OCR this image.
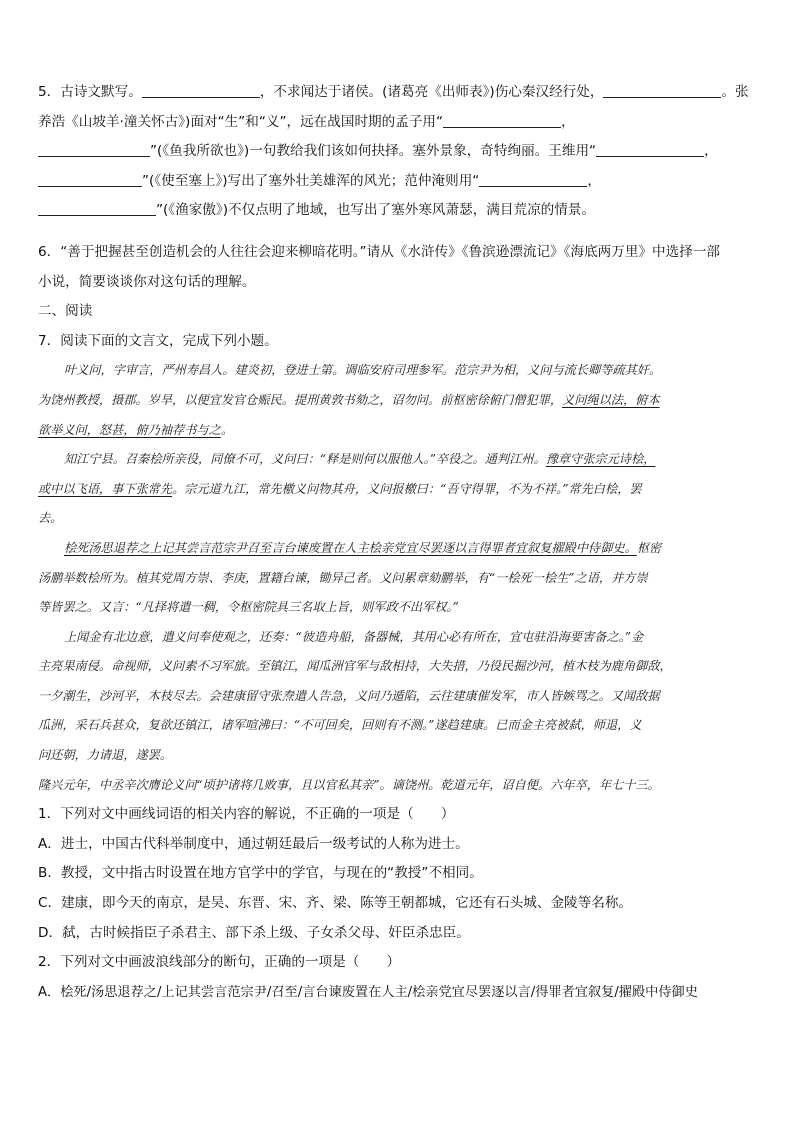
5．古诗文默写。	，不求闻达于诸侯。(诸葛亮《出师表》)伤心秦汉经行处，	。张
养浩《山坡羊·潼关怀古》)面对“生”和“义”，远在战国时期的孟子用“	，
”(《鱼我所欲也》)一句教给我们该如何抉择。塞外景象，奇特绚丽。王维用“	，
”(《使至塞上》)写出了塞外壮美雄浑的风光；范仲淹则用“	，
”(《渔家傲》)不仅点明了地域，也写出了塞外寒风萧瑟，满目荒凉的情景。
6．“善于把握甚至创造机会的人往往会迎来柳暗花明。”请从《水浒传》《鲁滨逊漂流记》《海底两万里》中选择一部
小说，简要谈谈你对这句话的理解。
二、阅读
7．阅读下面的文言文，完成下列小题。
叶义问，字审言，严州寿昌人。建炎初，登进士第。调临安府司理参军。范宗尹为相，义问与流长卿等疏其奸。
为饶州教授，摄郡。岁旱，以便宜发官仓赈民。提刑黄敦书劾之，诏勿问。前枢密徐俯门僧犯罪，义问绳以法，俯本
欲举义问，怒甚，俯乃袖荐书与之。
知江宁县。召秦桧所亲役，同僚不可，义问曰：“释是则何以服他人。”卒役之。通判江州。豫章守张宗元诗桧，
或中以飞语，事下张常先。宗元道九江，常先檄义问物其舟，义问报檄曰：“吾守得罪，不为不祥。”常先白桧，罢
去。
桧死汤思退荐之上记其尝言范宗尹召至言台谏废置在人主桧亲党宜尽罢逐以言得罪者宜叙复擢殿中侍御史。枢密
汤鹏举数桧所为。植其党周方崇、李庚，置籍台谏，锄异己者。义问累章劾鹏举，有“一桧死一桧生”之语，并方崇
等皆罢之。又言：“凡择将遣一稠，令枢密院具三名取上旨，则军政不出军权。”
上闻金有北边意，遣义问奉使观之，还奏：“彼造舟船，备器械，其用心必有所在，宜屯驻沿海要害备之。”金
主亮果南侵。命视师，义问素不习军旅。至镇江，闻瓜洲官军与敌相持，大失措，乃役民掘沙河，植木枝为鹿角御敌，
一夕潮生，沙河平，木枝尽去。会建康留守张焘遣人告急，义问乃遁陷，云往建康催发军，市人皆嫉骂之。又闻敌据
瓜洲，采石兵甚众，复欲还镇江，诸军喧沸曰：“不可回矣，回则有不测。”遂趋建康。已而金主亮被弑，师退，义
问还朝，力请退，遂罢。
隆兴元年，中丞辛次膺论义问“顷护诸将几败事，且以官私其亲”。谪饶州。乾道元年，诏自便。六年卒，年七十三。
1．下列对文中画线词语的相关内容的解说，不正确的一项是（　　）
A．进士，中国古代科举制度中，通过朝廷最后一级考试的人称为进士。
B．教授，文中指古时设置在地方官学中的学官，与现在的“教授”不相同。
C．建康，即今天的南京，是吴、东晋、宋、齐、梁、陈等王朝都城，它还有石头城、金陵等名称。
D．弑，古时候指臣子杀君主、部下杀上级、子女杀父母、奸臣杀忠臣。
2．下列对文中画波浪线部分的断句，正确的一项是（　　）
A．桧死/汤思退荐之/上记其尝言范宗尹/召至/言台谏废置在人主/桧亲党宜尽罢逐以言/得罪者宜叙复/擢殿中侍御史
